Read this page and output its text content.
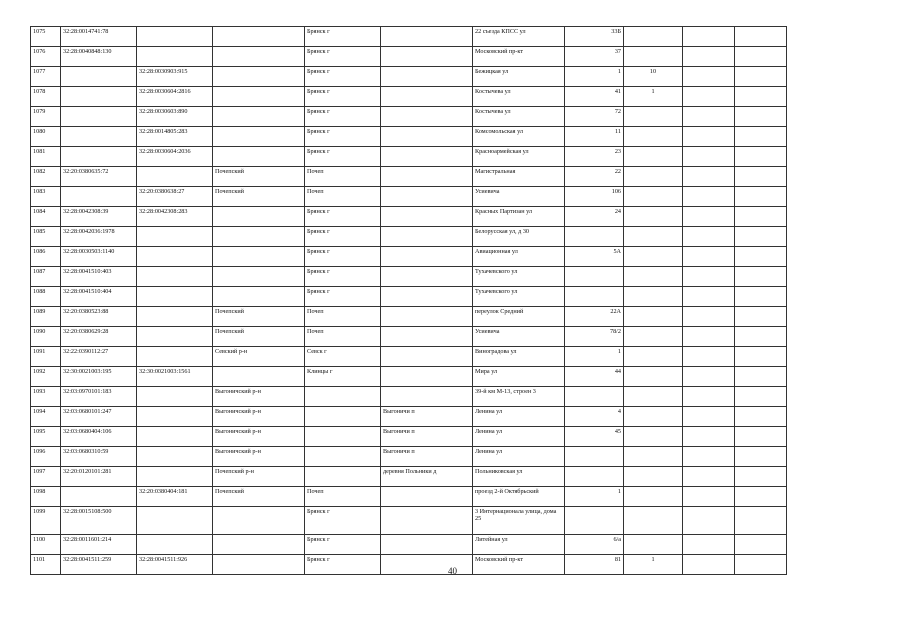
1075	32:28:0014741:78			Брянск г		22 съезда КПСС ул	33Б			
1076	32:28:0040848:130			Брянск г		Московский пр-кт	37			
1077		32:28:0030903:915		Брянск г		Бежицкая ул	1	10		
1078		32:28:0030604:2816		Брянск г		Костычева ул	41	1		
1079		32:28:0030603:890		Брянск г		Костычева ул	72			
1080		32:28:0014805:283		Брянск г		Комсомольская ул	11			
1081		32:28:0030604:2036		Брянск г		Красноармейская ул	23			
1082	32:20:0380635:72		Почепский	Почеп		Магистральная	22			
1083		32:20:0380638:27	Почепский	Почеп		Усиевича	106			
1084	32:28:0042308:39	32:28:0042308:283		Брянск г		Красных Партизан ул	24			
1085	32:28:0042036:1978			Брянск г		Белорусская ул, д 30				
1086	32:28:0030503:1140			Брянск г		Авиационная ул	5А			
1087	32:28:0041510:403			Брянск г		Тухачевского ул				
1088	32:28:0041510:404			Брянск г		Тухачевского ул				
1089	32:20:0380523:88		Почепский	Почеп		переулок Средний	22А			
1090	32:20:0380629:28		Почепский	Почеп		Усиевича	78/2			
1091	32:22:0390112:27		Севский р-н	Севск г		Виноградова ул	1			
1092	32:30:0021003:195	32:30:0021003:1561		Клинцы г		Мира ул	44			
1093	32:03:0970101:183		Выгоничский р-н			39-й км М-13, строен 3				
1094	32:03:0680101:247		Выгоничский р-н		Выгоничи п	Ленина ул	4			
1095	32:03:0680404:106		Выгоничский р-н		Выгоничи п	Ленина ул	45			
1096	32:03:0680310:59		Выгоничский р-н		Выгоничи п	Ленина ул				
1097	32:20:0120101:281		Почепский р-н		деревня Польники д	Польниковская ул				
1098		32:20:0380404:181	Почепский	Почеп		проезд 2-й Октябрьский	1			
1099	32:28:0015108:500			Брянск г		3 Интернационала улица, дома 25				
1100	32:28:0011601:214			Брянск г		Литейная ул	6/а			
1101	32:28:0041511:259	32:28:0041511:926		Брянск г		Московский пр-кт	81	1		
40
